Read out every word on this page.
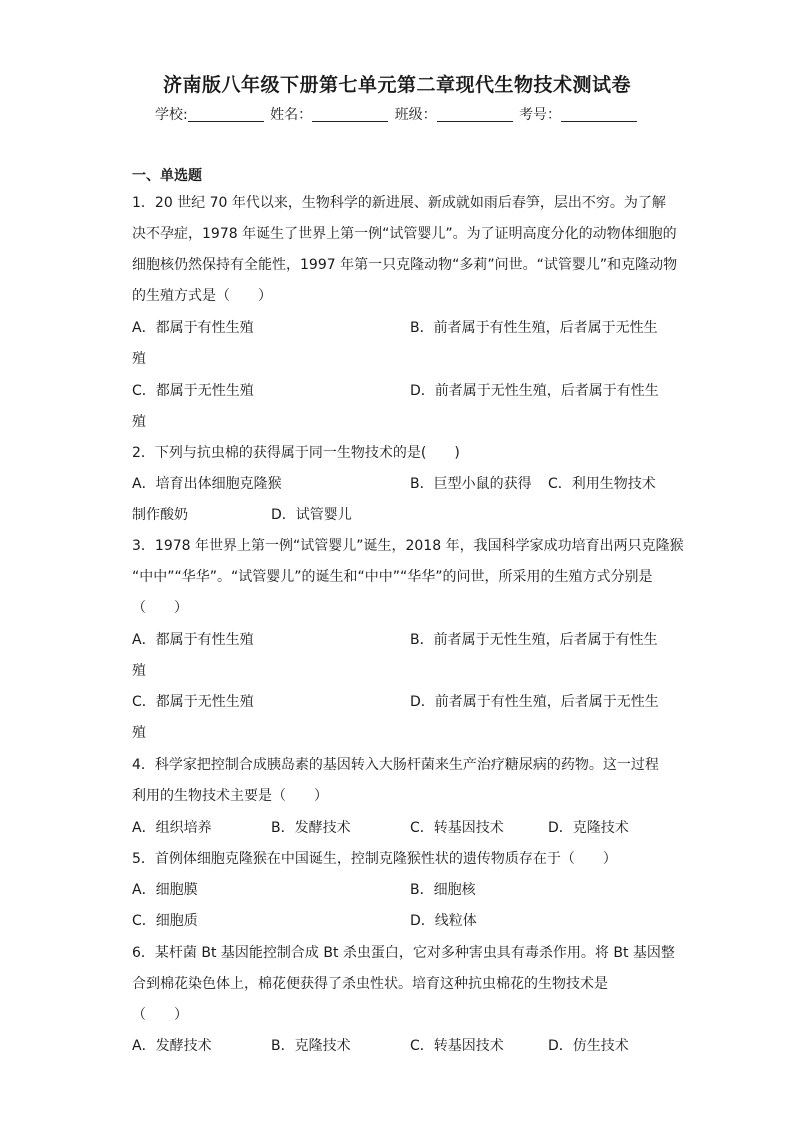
济南版八年级下册第七单元第二章现代生物技术测试卷
学校:	姓名：	班级：	考号：
一、单选题
1．20 世纪 70 年代以来，生物科学的新进展、新成就如雨后春笋，层出不穷。为了解
决不孕症，1978 年诞生了世界上第一例“试管婴儿”。为了证明高度分化的动物体细胞的
细胞核仍然保持有全能性，1997 年第一只克隆动物“多莉”问世。“试管婴儿”和克隆动物
的生殖方式是（　　）
A．都属于有性生殖	B．前者属于有性生殖，后者属于无性生
殖
C．都属于无性生殖	D．前者属于无性生殖，后者属于有性生
殖
2．下列与抗虫棉的获得属于同一生物技术的是(　　)
A．培育出体细胞克隆猴	B．巨型小鼠的获得 C．利用生物技术
制作酸奶	D．试管婴儿
3．1978 年世界上第一例“试管婴儿”诞生，2018 年，我国科学家成功培育出两只克隆猴
“中中”“华华”。“试管婴儿”的诞生和“中中”“华华”的问世，所采用的生殖方式分别是
（　　）
A．都属于有性生殖	B．前者属于无性生殖，后者属于有性生
殖
C．都属于无性生殖	D．前者属于有性生殖，后者属于无性生
殖
4．科学家把控制合成胰岛素的基因转入大肠杆菌来生产治疗糖尿病的药物。这一过程
利用的生物技术主要是（　　）
A．组织培养	B．发酵技术	C．转基因技术	D．克隆技术
5．首例体细胞克隆猴在中国诞生，控制克隆猴性状的遗传物质存在于（　　）
A．细胞膜	B．细胞核
C．细胞质	D．线粒体
6．某杆菌 Bt 基因能控制合成 Bt 杀虫蛋白，它对多种害虫具有毒杀作用。将 Bt 基因整
合到棉花染色体上，棉花便获得了杀虫性状。培育这种抗虫棉花的生物技术是
（　　）
A．发酵技术	B．克隆技术	C．转基因技术	D．仿生技术
